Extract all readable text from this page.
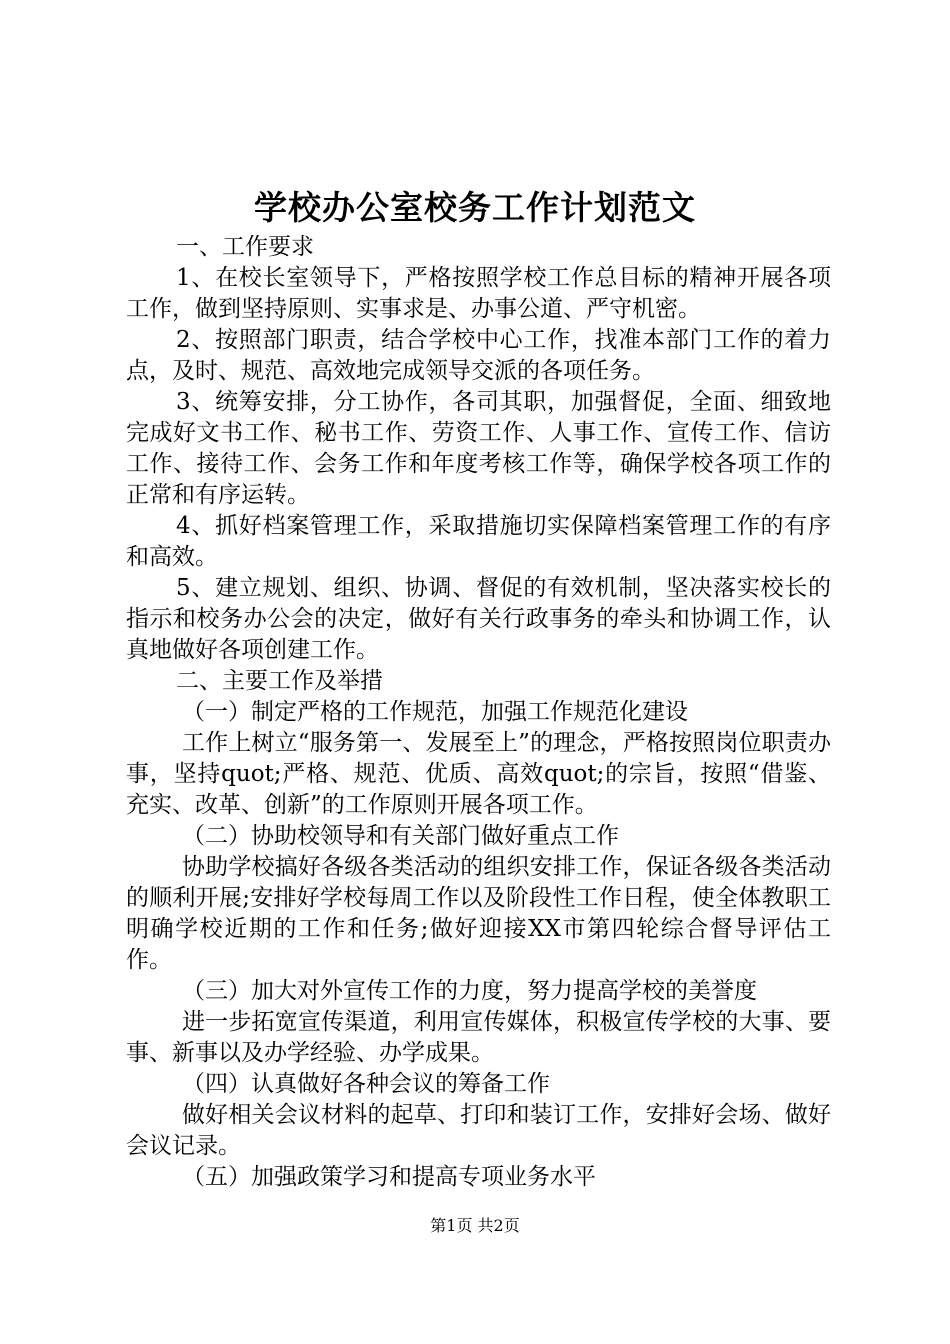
学校办公室校务工作计划范文

一、工作要求

1、在校长室领导下，严格按照学校工作总目标的精神开展各项工作，做到坚持原则、实事求是、办事公道、严守机密。

2、按照部门职责，结合学校中心工作，找准本部门工作的着力点，及时、规范、高效地完成领导交派的各项任务。

3、统筹安排，分工协作，各司其职，加强督促，全面、细致地完成好文书工作、秘书工作、劳资工作、人事工作、宣传工作、信访工作、接待工作、会务工作和年度考核工作等，确保学校各项工作的正常和有序运转。

4、抓好档案管理工作，采取措施切实保障档案管理工作的有序和高效。

5、建立规划、组织、协调、督促的有效机制，坚决落实校长的指示和校务办公会的决定，做好有关行政事务的牵头和协调工作，认真地做好各项创建工作。

二、主要工作及举措

（一）制定严格的工作规范，加强工作规范化建设

工作上树立“服务第一、发展至上”的理念，严格按照岗位职责办事，坚持quot;严格、规范、优质、高效quot;的宗旨，按照“借鉴、充实、改革、创新”的工作原则开展各项工作。

（二）协助校领导和有关部门做好重点工作

协助学校搞好各级各类活动的组织安排工作，保证各级各类活动的顺利开展;安排好学校每周工作以及阶段性工作日程，使全体教职工明确学校近期的工作和任务;做好迎接XX市第四轮综合督导评估工作。

（三）加大对外宣传工作的力度，努力提高学校的美誉度

进一步拓宽宣传渠道，利用宣传媒体，积极宣传学校的大事、要事、新事以及办学经验、办学成果。

（四）认真做好各种会议的筹备工作

做好相关会议材料的起草、打印和装订工作，安排好会场、做好会议记录。

（五）加强政策学习和提高专项业务水平

第1页 共2页
